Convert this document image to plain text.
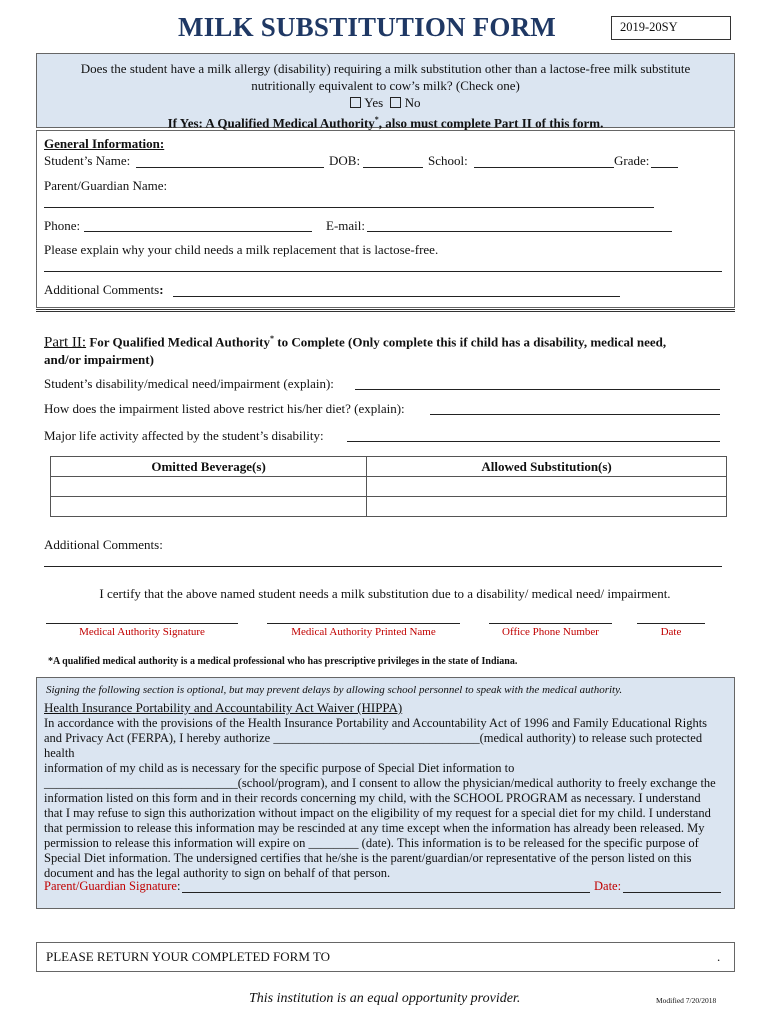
MILK SUBSTITUTION FORM	2019-20SY
Does the student have a milk allergy (disability) requiring a milk substitution other than a lactose-free milk substitute
nutritionally equivalent to cow’s milk? (Check one)
Yes No
If Yes: A Qualified Medical Authority*, also must complete Part II of this form.
General Information:
Student’s Name:	DOB:	School:	Grade:
Parent/Guardian Name:
Phone:	E-mail:
Please explain why your child needs a milk replacement that is lactose-free.
Additional Comments:
Part II: For Qualified Medical Authority* to Complete (Only complete this if child has a disability, medical need,
and/or impairment)
Student’s disability/medical need/impairment (explain):
How does the impairment listed above restrict his/her diet? (explain):
Major life activity affected by the student’s disability:
Omitted Beverage(s)	Allowed Substitution(s)

Additional Comments:
I certify that the above named student needs a milk substitution due to a disability/ medical need/ impairment.
Medical Authority Signature	Medical Authority Printed Name	Office Phone Number	Date
*A qualified medical authority is a medical professional who has prescriptive privileges in the state of Indiana.
Signing the following section is optional, but may prevent delays by allowing school personnel to speak with the medical authority.
Health Insurance Portability and Accountability Act Waiver (HIPPA)
In accordance with the provisions of the Health Insurance Portability and Accountability Act of 1996 and Family Educational Rights
and Privacy Act (FERPA), I hereby authorize _________________________________(medical authority) to release such protected health
information of my child as is necessary for the specific purpose of Special Diet information to
_______________________________(school/program), and I consent to allow the physician/medical authority to freely exchange the
information listed on this form and in their records concerning my child, with the SCHOOL PROGRAM as necessary. I understand
that I may refuse to sign this authorization without impact on the eligibility of my request for a special diet for my child. I understand
that permission to release this information may be rescinded at any time except when the information has already been released. My
permission to release this information will expire on ________ (date). This information is to be released for the specific purpose of
Special Diet information. The undersigned certifies that he/she is the parent/guardian/or representative of the person listed on this
document and has the legal authority to sign on behalf of that person.
Parent/Guardian Signature:	Date:
PLEASE RETURN YOUR COMPLETED FORM TO	.
This institution is an equal opportunity provider.	Modified 7/20/2018
